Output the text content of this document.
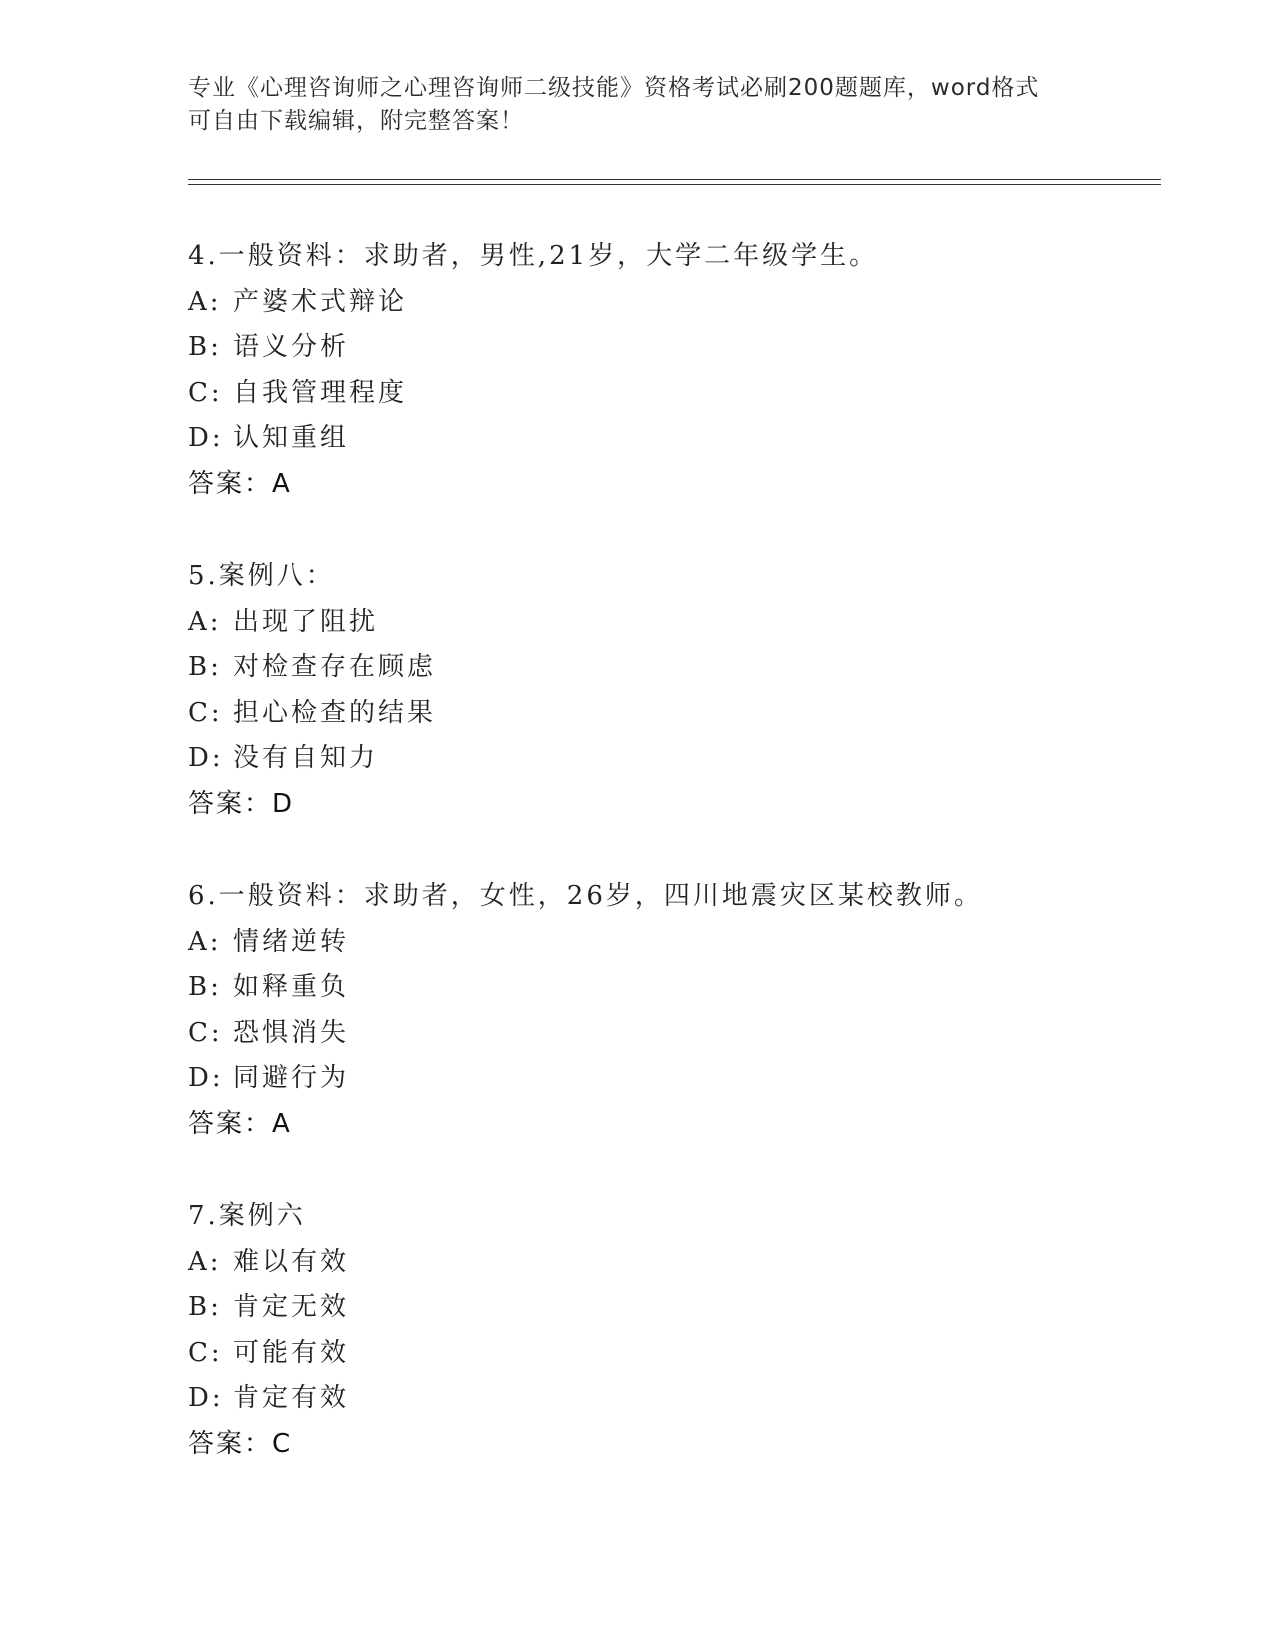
专业《心理咨询师之心理咨询师二级技能》资格考试必刷200题题库，word格式
可自由下载编辑，附完整答案！
4.一般资料：求助者，男性,21岁，大学二年级学生。
A: 产婆术式辩论
B: 语义分析
C: 自我管理程度
D: 认知重组
答案：A
5.案例八：
A: 出现了阻扰
B: 对检查存在顾虑
C: 担心检查的结果
D: 没有自知力
答案：D
6.一般资料：求助者，女性，26岁，四川地震灾区某校教师。
A: 情绪逆转
B: 如释重负
C: 恐惧消失
D: 同避行为
答案：A
7.案例六
A: 难以有效
B: 肯定无效
C: 可能有效
D: 肯定有效
答案：C
